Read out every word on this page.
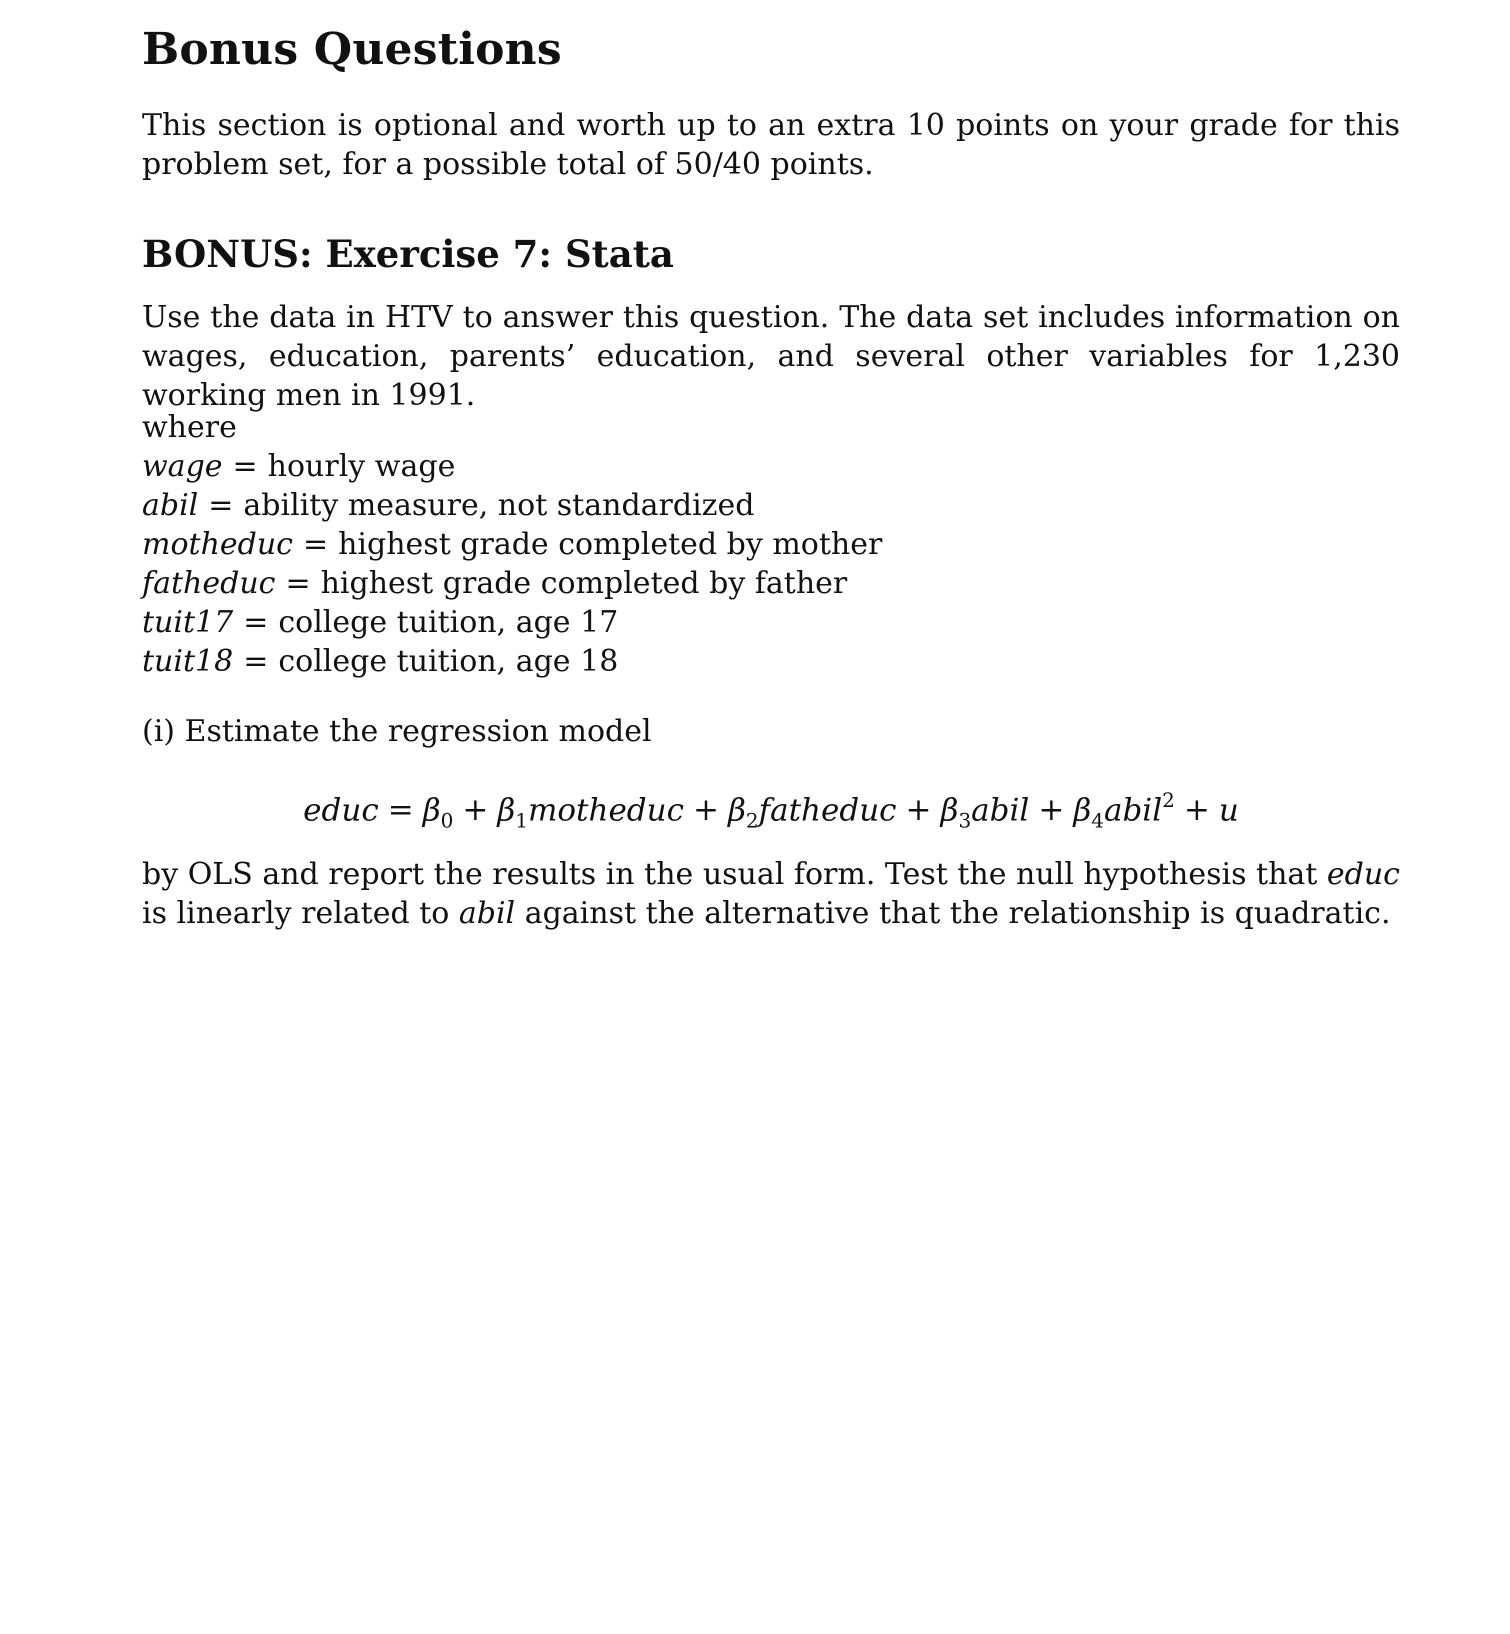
Bonus Questions
This section is optional and worth up to an extra 10 points on your grade for this problem set, for a possible total of 50/40 points.
BONUS: Exercise 7: Stata
Use the data in HTV to answer this question. The data set includes information on wages, education, parents’ education, and several other variables for 1,230 working men in 1991.
where
wage = hourly wage
abil = ability measure, not standardized
motheduc = highest grade completed by mother
fatheduc = highest grade completed by father
tuit17 = college tuition, age 17
tuit18 = college tuition, age 18
(i) Estimate the regression model
educ = $\beta_0$ + $\beta_1motheduc$ + $\beta_2fatheduc$ + $\beta_3abil$ + $\beta_4abil^2 + u$
by OLS and report the results in the usual form. Test the null hypothesis that educ is linearly related to abil against the alternative that the relationship is quadratic.
